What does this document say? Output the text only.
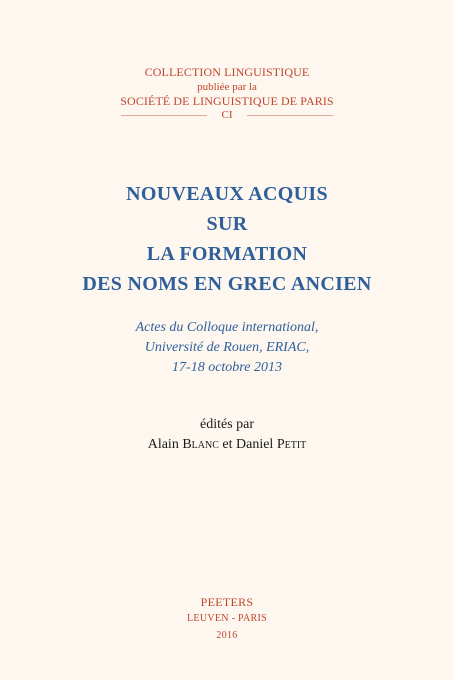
COLLECTION LINGUISTIQUE
publiée par la
SOCIÉTÉ DE LINGUISTIQUE DE PARIS
CI
NOUVEAUX ACQUIS
SUR
LA FORMATION
DES NOMS EN GREC ANCIEN
Actes du Colloque international,
Université de Rouen, ERIAC,
17-18 octobre 2013
édités par
Alain Blanc et Daniel Petit
PEETERS
LEUVEN - PARIS
2016
